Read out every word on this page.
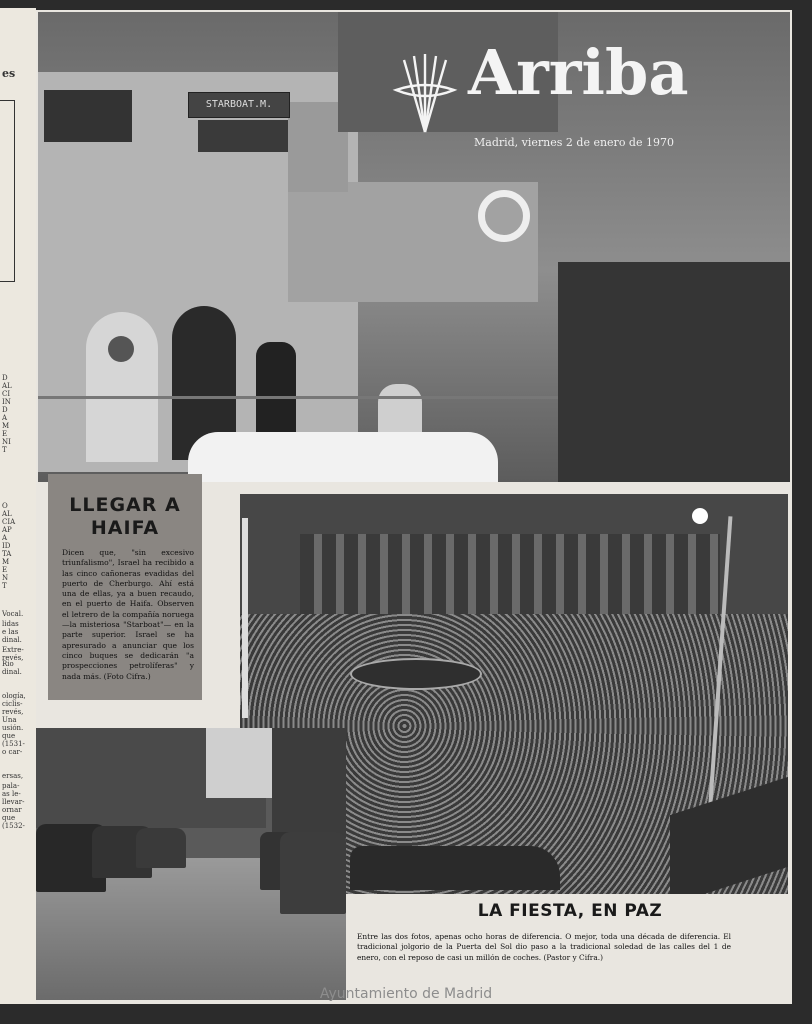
es
D
AL
CI
IN
D
A
M
E
NI
T
O
AL
CIA
AP
A
ID
TA
M
E
N
T
Vocal.
lidas
e las
dinal.
Extre-
revés,
Rio
dinal.
ología,
ciclis-
revés,
Una
usión.
que
(1531-
o car-
ersas,
pala-
as le-
llevar-
ornar
que
(1532-
STARBOAT.M.	Arriba
Madrid, viernes 2 de enero de 1970
LLEGAR A HAIFA
Dicen que, "sin excesivo triunfalismo", Israel ha recibido a las cinco cañoneras evadidas del puerto de Cherburgo. Ahí está una de ellas, ya a buen recaudo, en el puerto de Haifa. Observen el letrero de la compañía noruega —la misteriosa "Starboat"— en la parte superior. Israel se ha apresurado a anunciar que los cinco buques se dedicarán "a prospecciones petrolíferas" y nada más. (Foto Cifra.)
LA FIESTA, EN PAZ
Entre las dos fotos, apenas ocho horas de diferencia. O mejor, toda una década de diferencia. El tradicional jolgorio de la Puerta del Sol dio paso a la tradicional soledad de las calles del 1 de enero, con el reposo de casi un millón de coches. (Pastor y Cifra.)
Ayuntamiento de Madrid
